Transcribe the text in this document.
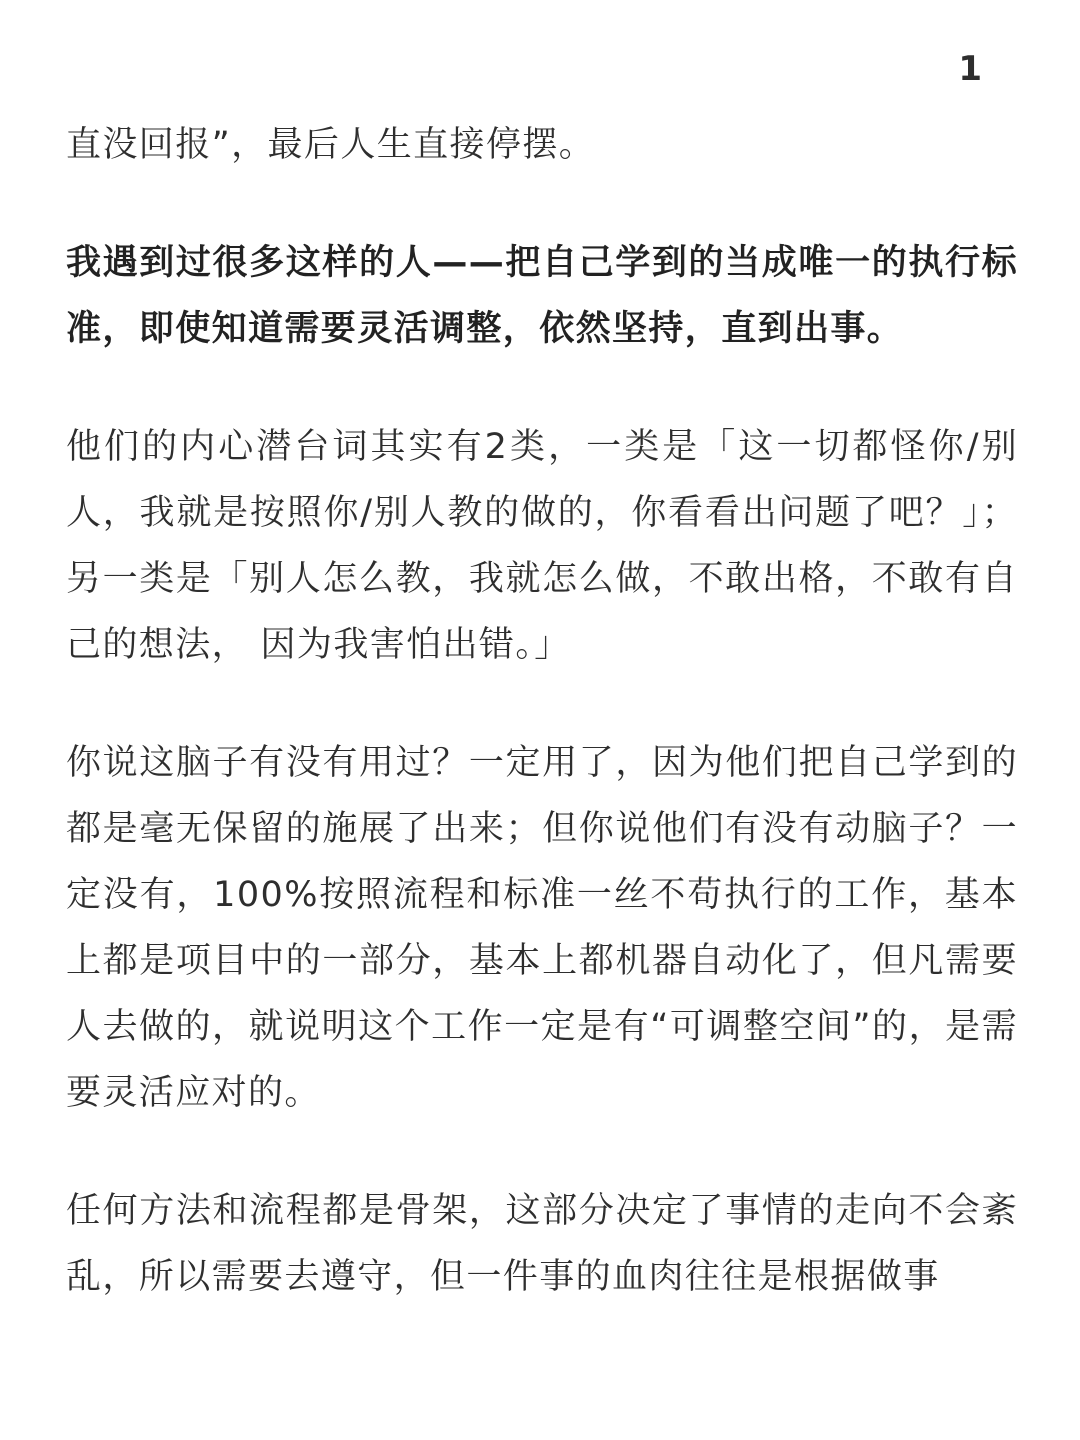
1

直没回报”，最后人生直接停摆。

我遇到过很多这样的人——把自己学到的当成唯一的执行标准，即使知道需要灵活调整，依然坚持，直到出事。

他们的内心潜台词其实有2类，一类是「这一切都怪你/别人，我就是按照你/别人教的做的，你看看出问题了吧？」；另一类是「别人怎么教，我就怎么做，不敢出格，不敢有自己的想法， 因为我害怕出错。」

你说这脑子有没有用过？一定用了，因为他们把自己学到的都是毫无保留的施展了出来；但你说他们有没有动脑子？一定没有，100%按照流程和标准一丝不苟执行的工作，基本上都是项目中的一部分，基本上都机器自动化了，但凡需要人去做的，就说明这个工作一定是有“可调整空间”的，是需要灵活应对的。

任何方法和流程都是骨架，这部分决定了事情的走向不会紊乱，所以需要去遵守，但一件事的血肉往往是根据做事
